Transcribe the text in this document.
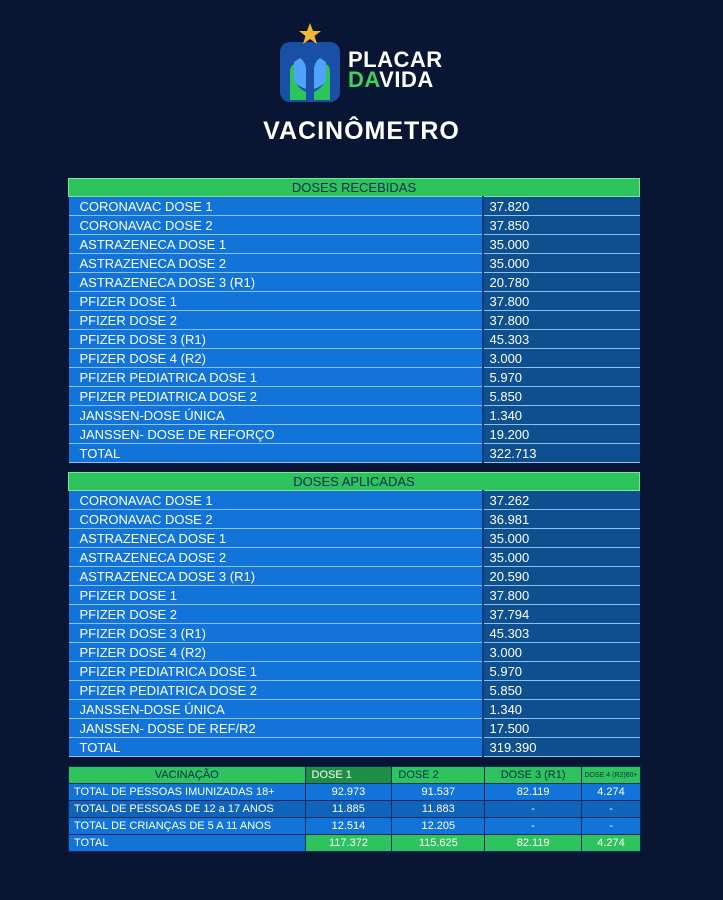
PLACAR
DAVIDA
VACINÔMETRO
DOSES RECEBIDAS	
CORONAVAC DOSE 1	37.820
CORONAVAC DOSE 2	37.850
ASTRAZENECA DOSE 1	35.000
ASTRAZENECA DOSE 2	35.000
ASTRAZENECA DOSE 3 (R1)	20.780
PFIZER DOSE 1	37.800
PFIZER DOSE 2	37.800
PFIZER DOSE 3 (R1)	45.303
PFIZER DOSE 4 (R2)	3.000
PFIZER PEDIATRICA DOSE 1	5.970
PFIZER PEDIATRICA DOSE 2	5.850
JANSSEN-DOSE ÚNICA	1.340
JANSSEN- DOSE DE REFORÇO	19.200
TOTAL	322.713
DOSES APLICADAS	
CORONAVAC DOSE 1	37.262
CORONAVAC DOSE 2	36.981
ASTRAZENECA DOSE 1	35.000
ASTRAZENECA DOSE 2	35.000
ASTRAZENECA DOSE 3 (R1)	20.590
PFIZER DOSE 1	37.800
PFIZER DOSE 2	37.794
PFIZER DOSE 3 (R1)	45.303
PFIZER DOSE 4 (R2)	3.000
PFIZER PEDIATRICA DOSE 1	5.970
PFIZER PEDIATRICA DOSE 2	5.850
JANSSEN-DOSE ÚNICA	1.340
JANSSEN- DOSE DE REF/R2	17.500
TOTAL	319.390
VACINAÇÃO	DOSE 1	DOSE 2	DOSE 3 (R1)	DOSE 4 (R2)60+
TOTAL DE PESSOAS IMUNIZADAS 18+	92.973	91.537	82.119	4.274
TOTAL DE PESSOAS DE 12 a 17 ANOS	11.885	11.883	-	-
TOTAL DE CRIANÇAS DE 5 A 11 ANOS	12.514	12.205	-	-
TOTAL	117.372	115.625	82.119	4.274
